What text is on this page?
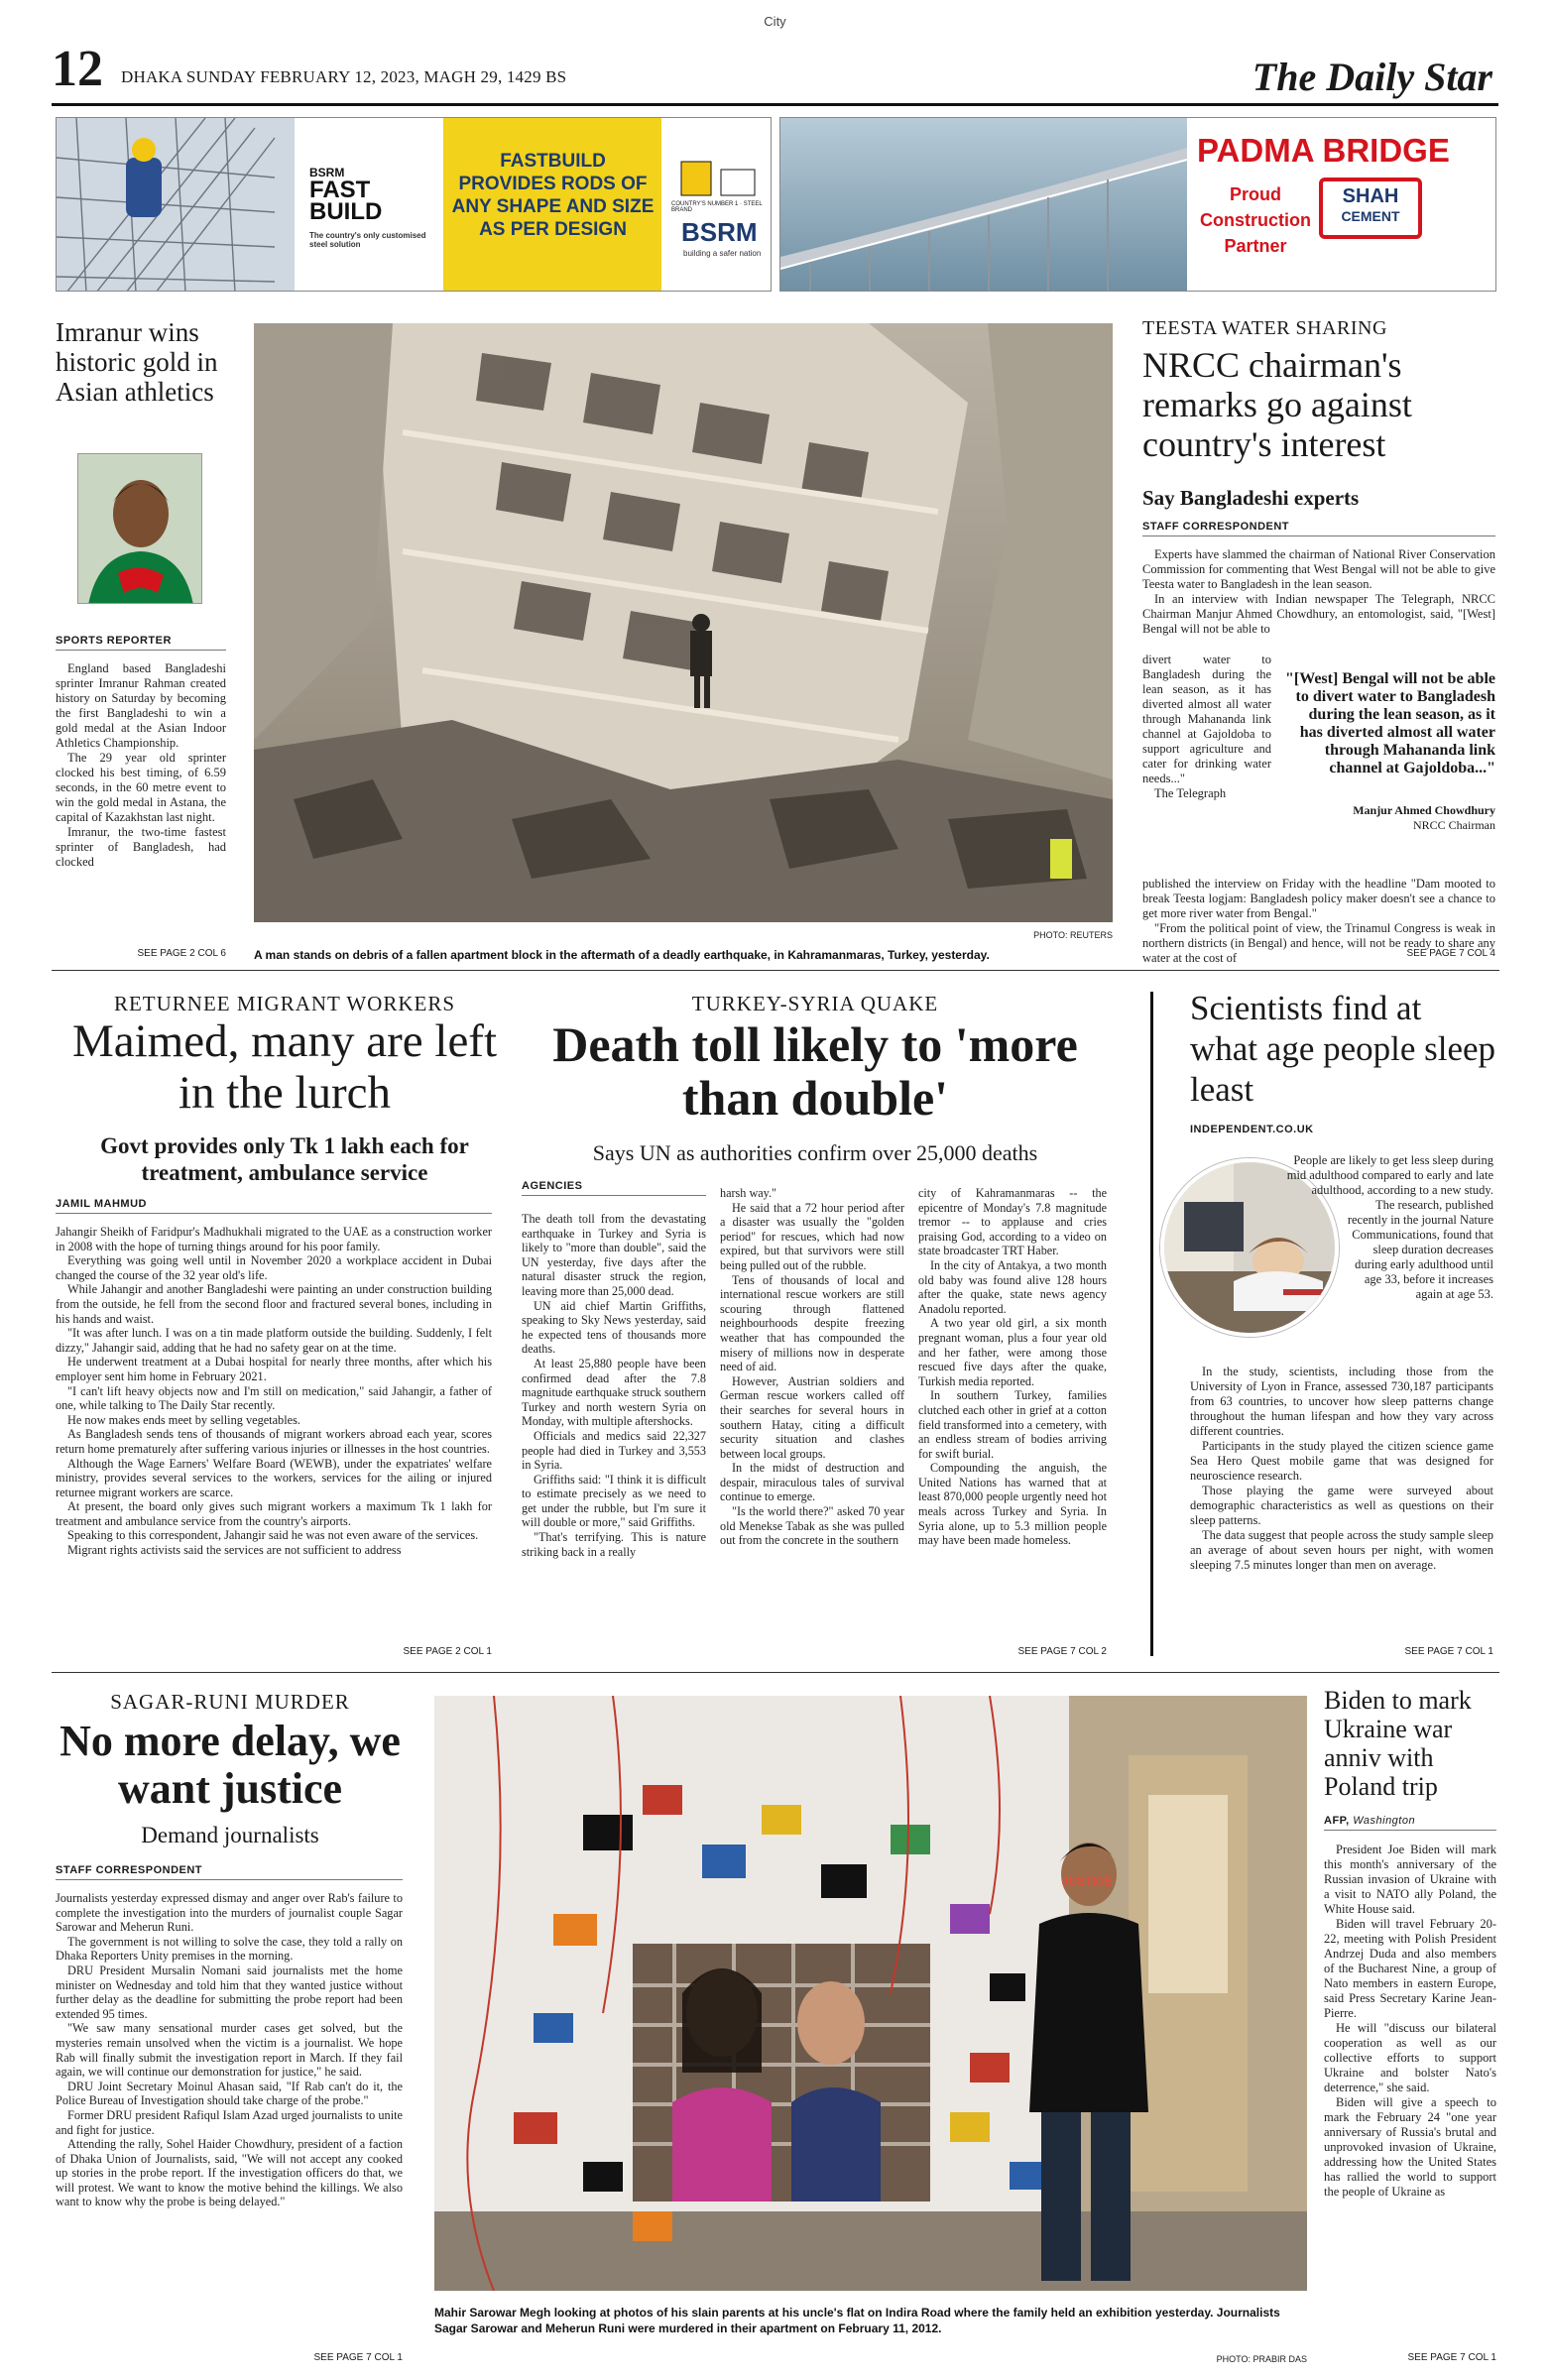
City
12 DHAKA SUNDAY FEBRUARY 12, 2023, MAGH 29, 1429 BS	The Daily Star
BSRM
FAST
BUILD
The country's only customised steel solution
FASTBUILD PROVIDES RODS OF ANY SHAPE AND SIZE AS PER DESIGN
COUNTRY'S NUMBER 1 · STEEL BRAND
BSRM
building a safer nation
PADMA BRIDGE
Proud Construction Partner
SHAH
CEMENT
Imranur wins historic gold in Asian athletics
SPORTS REPORTER

England based Bangladeshi sprinter Imranur Rahman created history on Saturday by becoming the first Bangladeshi to win a gold medal at the Asian Indoor Athletics Championship.

The 29 year old sprinter clocked his best timing, of 6.59 seconds, in the 60 metre event to win the gold medal in Astana, the capital of Kazakhstan last night.

Imranur, the two-time fastest sprinter of Bangladesh, had clocked

SEE PAGE 2 COL 6
PHOTO: REUTERS
A man stands on debris of a fallen apartment block in the aftermath of a deadly earthquake, in Kahramanmaras, Turkey, yesterday.
TEESTA WATER SHARING
NRCC chairman's remarks go against country's interest
Say Bangladeshi experts
STAFF CORRESPONDENT

Experts have slammed the chairman of National River Conservation Commission for commenting that West Bengal will not be able to give Teesta water to Bangladesh in the lean season.

In an interview with Indian newspaper The Telegraph, NRCC Chairman Manjur Ahmed Chowdhury, an entomologist, said, "[West] Bengal will not be able to

divert water to Bangladesh during the lean season, as it has diverted almost all water through Mahananda link channel at Gajoldoba to support agriculture and cater for drinking water needs..."

The Telegraph

"[West] Bengal will not be able to divert water to Bangladesh during the lean season, as it has diverted almost all water through Mahananda link channel at Gajoldoba..."
Manjur Ahmed Chowdhury
NRCC Chairman

published the interview on Friday with the headline "Dam mooted to break Teesta logjam: Bangladesh policy maker doesn't see a chance to get more river water from Bengal."

"From the political point of view, the Trinamul Congress is weak in northern districts (in Bengal) and hence, will not be ready to share any water at the cost of	SEE PAGE 7 COL 4
RETURNEE MIGRANT WORKERS
Maimed, many are left in the lurch
Govt provides only Tk 1 lakh each for treatment, ambulance service
JAMIL MAHMUD

Jahangir Sheikh of Faridpur's Madhukhali migrated to the UAE as a construction worker in 2008 with the hope of turning things around for his poor family.

Everything was going well until in November 2020 a workplace accident in Dubai changed the course of the 32 year old's life.

While Jahangir and another Bangladeshi were painting an under construction building from the outside, he fell from the second floor and fractured several bones, including in his hands and waist.

"It was after lunch. I was on a tin made platform outside the building. Suddenly, I felt dizzy," Jahangir said, adding that he had no safety gear on at the time.

He underwent treatment at a Dubai hospital for nearly three months, after which his employer sent him home in February 2021.

"I can't lift heavy objects now and I'm still on medication," said Jahangir, a father of one, while talking to The Daily Star recently.

He now makes ends meet by selling vegetables.

As Bangladesh sends tens of thousands of migrant workers abroad each year, scores return home prematurely after suffering various injuries or illnesses in the host countries.

Although the Wage Earners' Welfare Board (WEWB), under the expatriates' welfare ministry, provides several services to the workers, services for the ailing or injured returnee migrant workers are scarce.

At present, the board only gives such migrant workers a maximum Tk 1 lakh for treatment and ambulance service from the country's airports.

Speaking to this correspondent, Jahangir said he was not even aware of the services.

Migrant rights activists said the services are not sufficient to address

SEE PAGE 2 COL 1
TURKEY-SYRIA QUAKE
Death toll likely to 'more than double'
Says UN as authorities confirm over 25,000 deaths
AGENCIES

The death toll from the devastating earthquake in Turkey and Syria is likely to "more than double", said the UN yesterday, five days after the natural disaster struck the region, leaving more than 25,000 dead.

UN aid chief Martin Griffiths, speaking to Sky News yesterday, said he expected tens of thousands more deaths.

At least 25,880 people have been confirmed dead after the 7.8 magnitude earthquake struck southern Turkey and north western Syria on Monday, with multiple aftershocks.

Officials and medics said 22,327 people had died in Turkey and 3,553 in Syria.

Griffiths said: "I think it is difficult to estimate precisely as we need to get under the rubble, but I'm sure it will double or more," said Griffiths.

"That's terrifying. This is nature striking back in a really

harsh way."

He said that a 72 hour period after a disaster was usually the "golden period" for rescues, which had now expired, but that survivors were still being pulled out of the rubble.

Tens of thousands of local and international rescue workers are still scouring through flattened neighbourhoods despite freezing weather that has compounded the misery of millions now in desperate need of aid.

However, Austrian soldiers and German rescue workers called off their searches for several hours in southern Hatay, citing a difficult security situation and clashes between local groups.

In the midst of destruction and despair, miraculous tales of survival continue to emerge.

"Is the world there?" asked 70 year old Menekse Tabak as she was pulled out from the concrete in the southern

city of Kahramanmaras -- the epicentre of Monday's 7.8 magnitude tremor -- to applause and cries praising God, according to a video on state broadcaster TRT Haber.

In the city of Antakya, a two month old baby was found alive 128 hours after the quake, state news agency Anadolu reported.

A two year old girl, a six month pregnant woman, plus a four year old and her father, were among those rescued five days after the quake, Turkish media reported.

In southern Turkey, families clutched each other in grief at a cotton field transformed into a cemetery, with an endless stream of bodies arriving for swift burial.

Compounding the anguish, the United Nations has warned that at least 870,000 people urgently need hot meals across Turkey and Syria. In Syria alone, up to 5.3 million people may have been made homeless.

SEE PAGE 7 COL 2
Scientists find at what age people sleep least
INDEPENDENT.CO.UK

People are likely to get less sleep during mid adulthood compared to early and late adulthood, according to a new study.

The research, published recently in the journal Nature Communications, found that sleep duration decreases during early adulthood until age 33, before it increases again at age 53.

In the study, scientists, including those from the University of Lyon in France, assessed 730,187 participants from 63 countries, to uncover how sleep patterns change throughout the human lifespan and how they vary across different countries.

Participants in the study played the citizen science game Sea Hero Quest mobile game that was designed for neuroscience research.

Those playing the game were surveyed about demographic characteristics as well as questions on their sleep patterns.

The data suggest that people across the study sample sleep an average of about seven hours per night, with women sleeping 7.5 minutes longer than men on average.

SEE PAGE 7 COL 1
SAGAR-RUNI MURDER
No more delay, we want justice
Demand journalists
STAFF CORRESPONDENT

Journalists yesterday expressed dismay and anger over Rab's failure to complete the investigation into the murders of journalist couple Sagar Sarowar and Meherun Runi.

The government is not willing to solve the case, they told a rally on Dhaka Reporters Unity premises in the morning.

DRU President Mursalin Nomani said journalists met the home minister on Wednesday and told him that they wanted justice without further delay as the deadline for submitting the probe report had been extended 95 times.

"We saw many sensational murder cases get solved, but the mysteries remain unsolved when the victim is a journalist. We hope Rab will finally submit the investigation report in March. If they fail again, we will continue our demonstration for justice," he said.

DRU Joint Secretary Moinul Ahasan said, "If Rab can't do it, the Police Bureau of Investigation should take charge of the probe."

Former DRU president Rafiqul Islam Azad urged journalists to unite and fight for justice.

Attending the rally, Sohel Haider Chowdhury, president of a faction of Dhaka Union of Journalists, said, "We will not accept any cooked up stories in the probe report. If the investigation officers do that, we will protest. We want to know the motive behind the killings. We also want to know why the probe is being delayed."

SEE PAGE 7 COL 1
JUSTICE
Mahir Sarowar Megh looking at photos of his slain parents at his uncle's flat on Indira Road where the family held an exhibition yesterday. Journalists Sagar Sarowar and Meherun Runi were murdered in their apartment on February 11, 2012.
PHOTO: PRABIR DAS
Biden to mark Ukraine war anniv with Poland trip
AFP, Washington

President Joe Biden will mark this month's anniversary of the Russian invasion of Ukraine with a visit to NATO ally Poland, the White House said.

Biden will travel February 20-22, meeting with Polish President Andrzej Duda and also members of the Bucharest Nine, a group of Nato members in eastern Europe, said Press Secretary Karine Jean-Pierre.

He will "discuss our bilateral cooperation as well as our collective efforts to support Ukraine and bolster Nato's deterrence," she said.

Biden will give a speech to mark the February 24 "one year anniversary of Russia's brutal and unprovoked invasion of Ukraine, addressing how the United States has rallied the world to support the people of Ukraine as

SEE PAGE 7 COL 1
